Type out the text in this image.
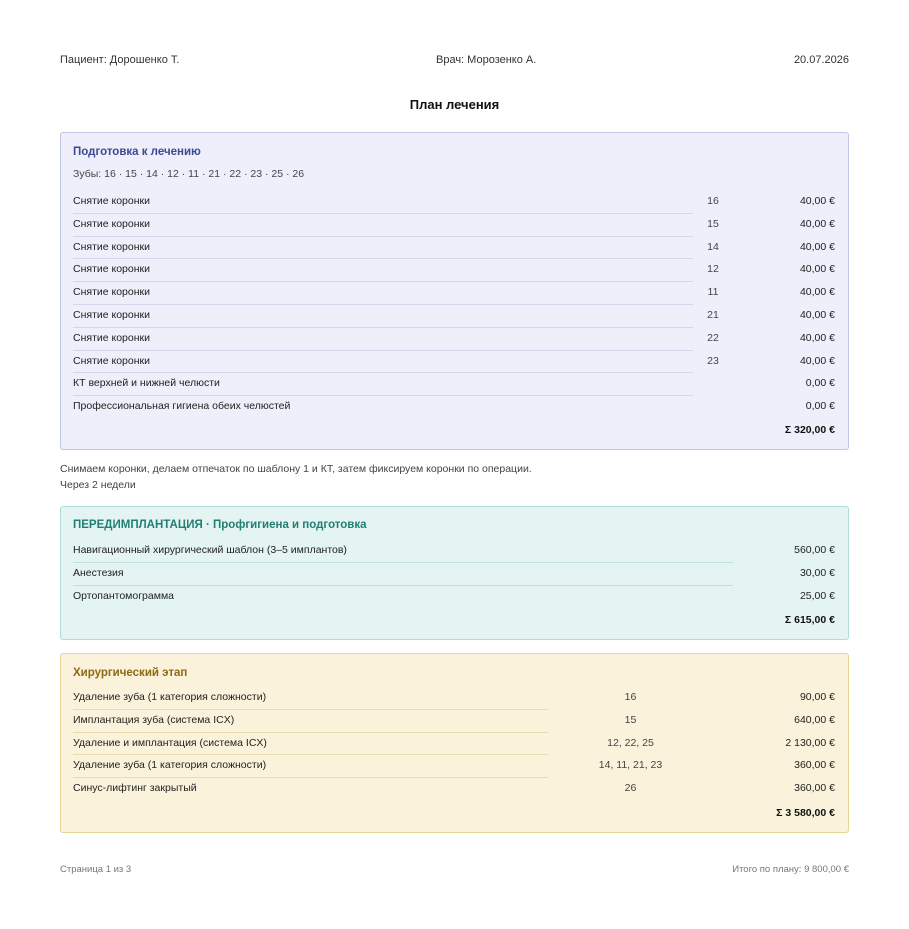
Пациент: Дорошенко Т.	Врач: Морозенко А.	20.07.2026
План лечения
Подготовка к лечению
Зубы: 16 · 15 · 14 · 12 · 11 · 21 · 22 · 23 · 25 · 26
Снятие коронки	16	40,00 €
Снятие коронки	15	40,00 €
Снятие коронки	14	40,00 €
Снятие коронки	12	40,00 €
Снятие коронки	11	40,00 €
Снятие коронки	21	40,00 €
Снятие коронки	22	40,00 €
Снятие коронки	23	40,00 €
КТ верхней и нижней челюсти	0,00 €
Профессиональная гигиена обеих челюстей	0,00 €
Σ 320,00 €
Снимаем коронки, делаем отпечаток по шаблону 1 и КТ, затем фиксируем коронки по операции.
Через 2 недели
ПЕРЕДИМПЛАНТАЦИЯ · Профгигиена и подготовка
Навигационный хирургический шаблон (3–5 имплантов)	560,00 €
Анестезия	30,00 €
Ортопантомограмма	25,00 €
Σ 615,00 €
Хирургический этап
Удаление зуба (1 категория сложности)	16	90,00 €
Имплантация зуба (система ICX)	15	640,00 €
Удаление и имплантация (система ICX)	12, 22, 25	2 130,00 €
Удаление зуба (1 категория сложности)	14, 11, 21, 23	360,00 €
Синус-лифтинг закрытый	26	360,00 €
Σ 3 580,00 €
Страница 1 из 3	Итого по плану: 9 800,00 €
